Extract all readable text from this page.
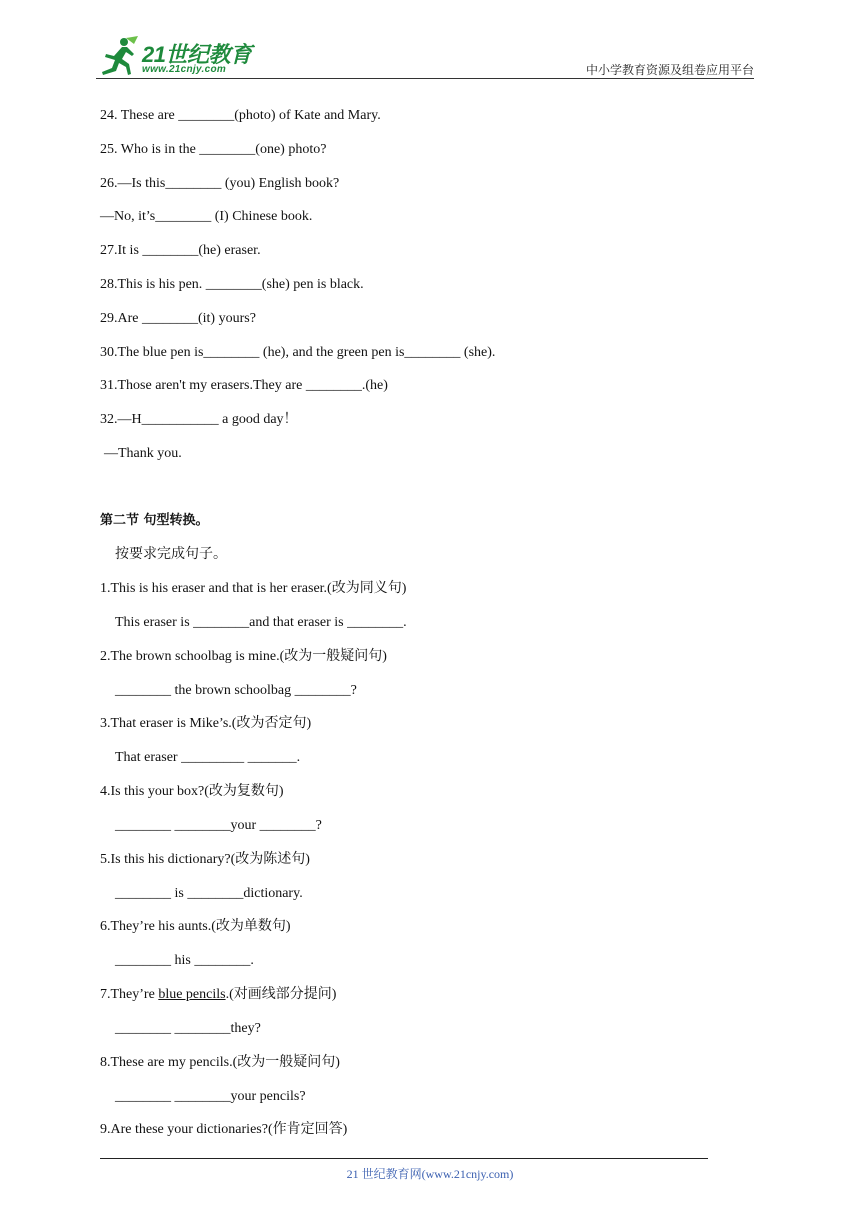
21世纪教育
www.21cnjy.com	中小学教育资源及组卷应用平台
24. These are ________(photo) of Kate and Mary.
25. Who is in the ________(one) photo?
26.—Is this________ (you) English book?
—No, it’s________ (I) Chinese book.
27.It is ________(he) eraser.
28.This is his pen. ________(she) pen is black.
29.Are ________(it) yours?
30.The blue pen is________ (he), and the green pen is________ (she).
31.Those aren't my erasers.They are ________.(he)
32.—H___________ a good day！
—Thank you.
第二节 句型转换。
按要求完成句子。
1.This is his eraser and that is her eraser.(改为同义句)
This eraser is ________and that eraser is ________.
2.The brown schoolbag is mine.(改为一般疑问句)
________ the brown schoolbag ________?
3.That eraser is Mike’s.(改为否定句)
That eraser _________ _______.
4.Is this your box?(改为复数句)
________ ________your ________?
5.Is this his dictionary?(改为陈述句)
________ is ________dictionary.
6.They’re his aunts.(改为单数句)
________ his ________.
7.They’re blue pencils.(对画线部分提问)
________ ________they?
8.These are my pencils.(改为一般疑问句)
________ ________your pencils?
9.Are these your dictionaries?(作肯定回答)
21 世纪教育网(www.21cnjy.com)
